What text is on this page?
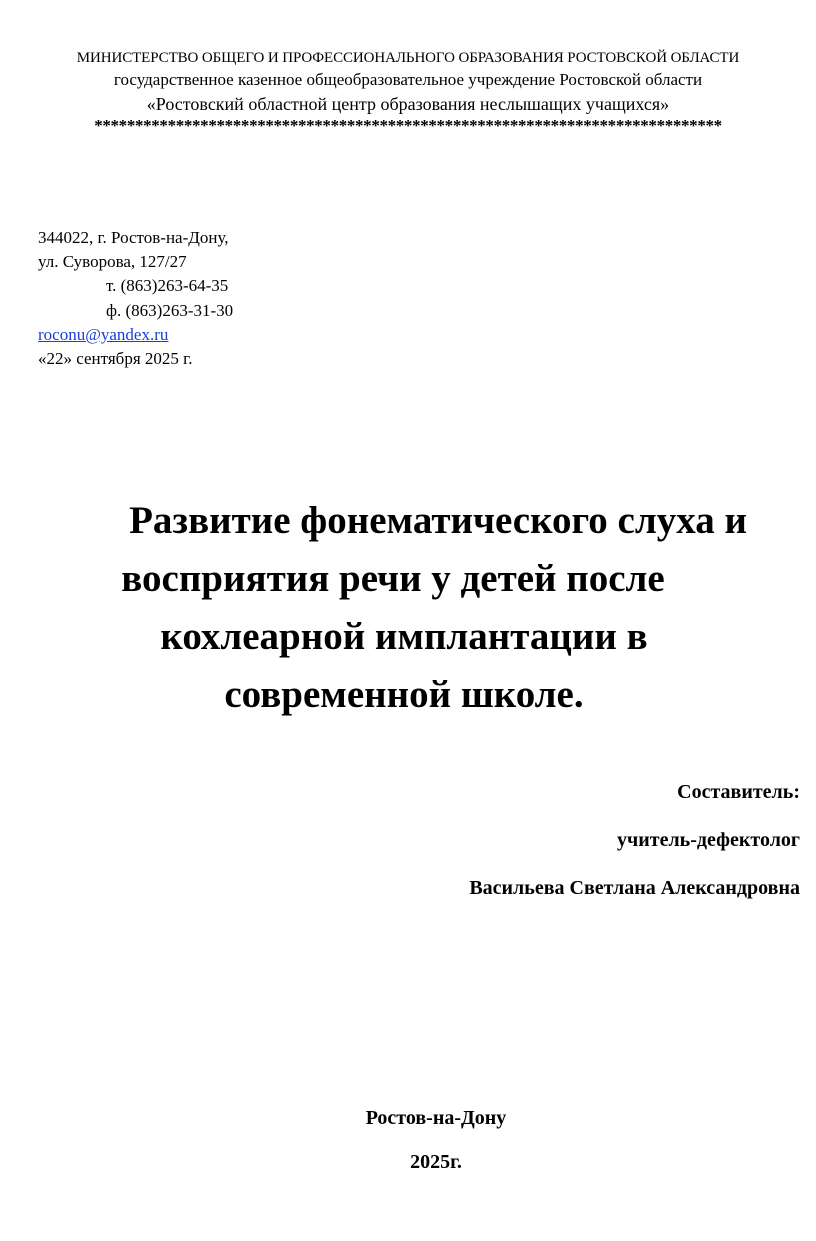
МИНИСТЕРСТВО ОБЩЕГО И ПРОФЕССИОНАЛЬНОГО ОБРАЗОВАНИЯ РОСТОВСКОЙ ОБЛАСТИ
государственное казенное общеобразовательное учреждение Ростовской области
«Ростовский областной центр образования неслышащих учащихся»
*****************************************************************************
344022, г. Ростов-на-Дону,
ул. Суворова, 127/27
т. (863)263-64-35
ф. (863)263-31-30
roconu@yandex.ru
«22» сентября 2025 г.
Развитие фонематического слуха и
восприятия речи у детей после
кохлеарной имплантации в
современной школе.
Составитель:
учитель-дефектолог
Васильева Светлана Александровна
Ростов-на-Дону
2025г.
